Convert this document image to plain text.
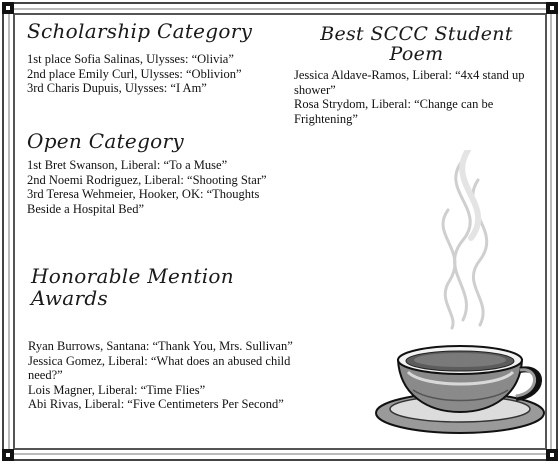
Scholarship Category

1st place Sofia Salinas, Ulysses: “Olivia”

2nd place Emily Curl, Ulysses: “Oblivion”

3rd Charis Dupuis, Ulysses: “I Am”

Open Category

1st Bret Swanson, Liberal: “To a Muse”

2nd Noemi Rodriguez, Liberal: “Shooting Star”

3rd Teresa Wehmeier, Hooker, OK: “Thoughts Beside a Hospital Bed”

Honorable Mention Awards

Ryan Burrows, Santana: “Thank You, Mrs. Sullivan”

Jessica Gomez, Liberal: “What does an abused child need?”

Lois Magner, Liberal: “Time Flies”

Abi Rivas, Liberal: “Five Centimeters Per Second”

Best SCCC Student Poem

Jessica Aldave-Ramos, Liberal: “4x4 stand up shower”

Rosa Strydom, Liberal: “Change can be Frightening”
